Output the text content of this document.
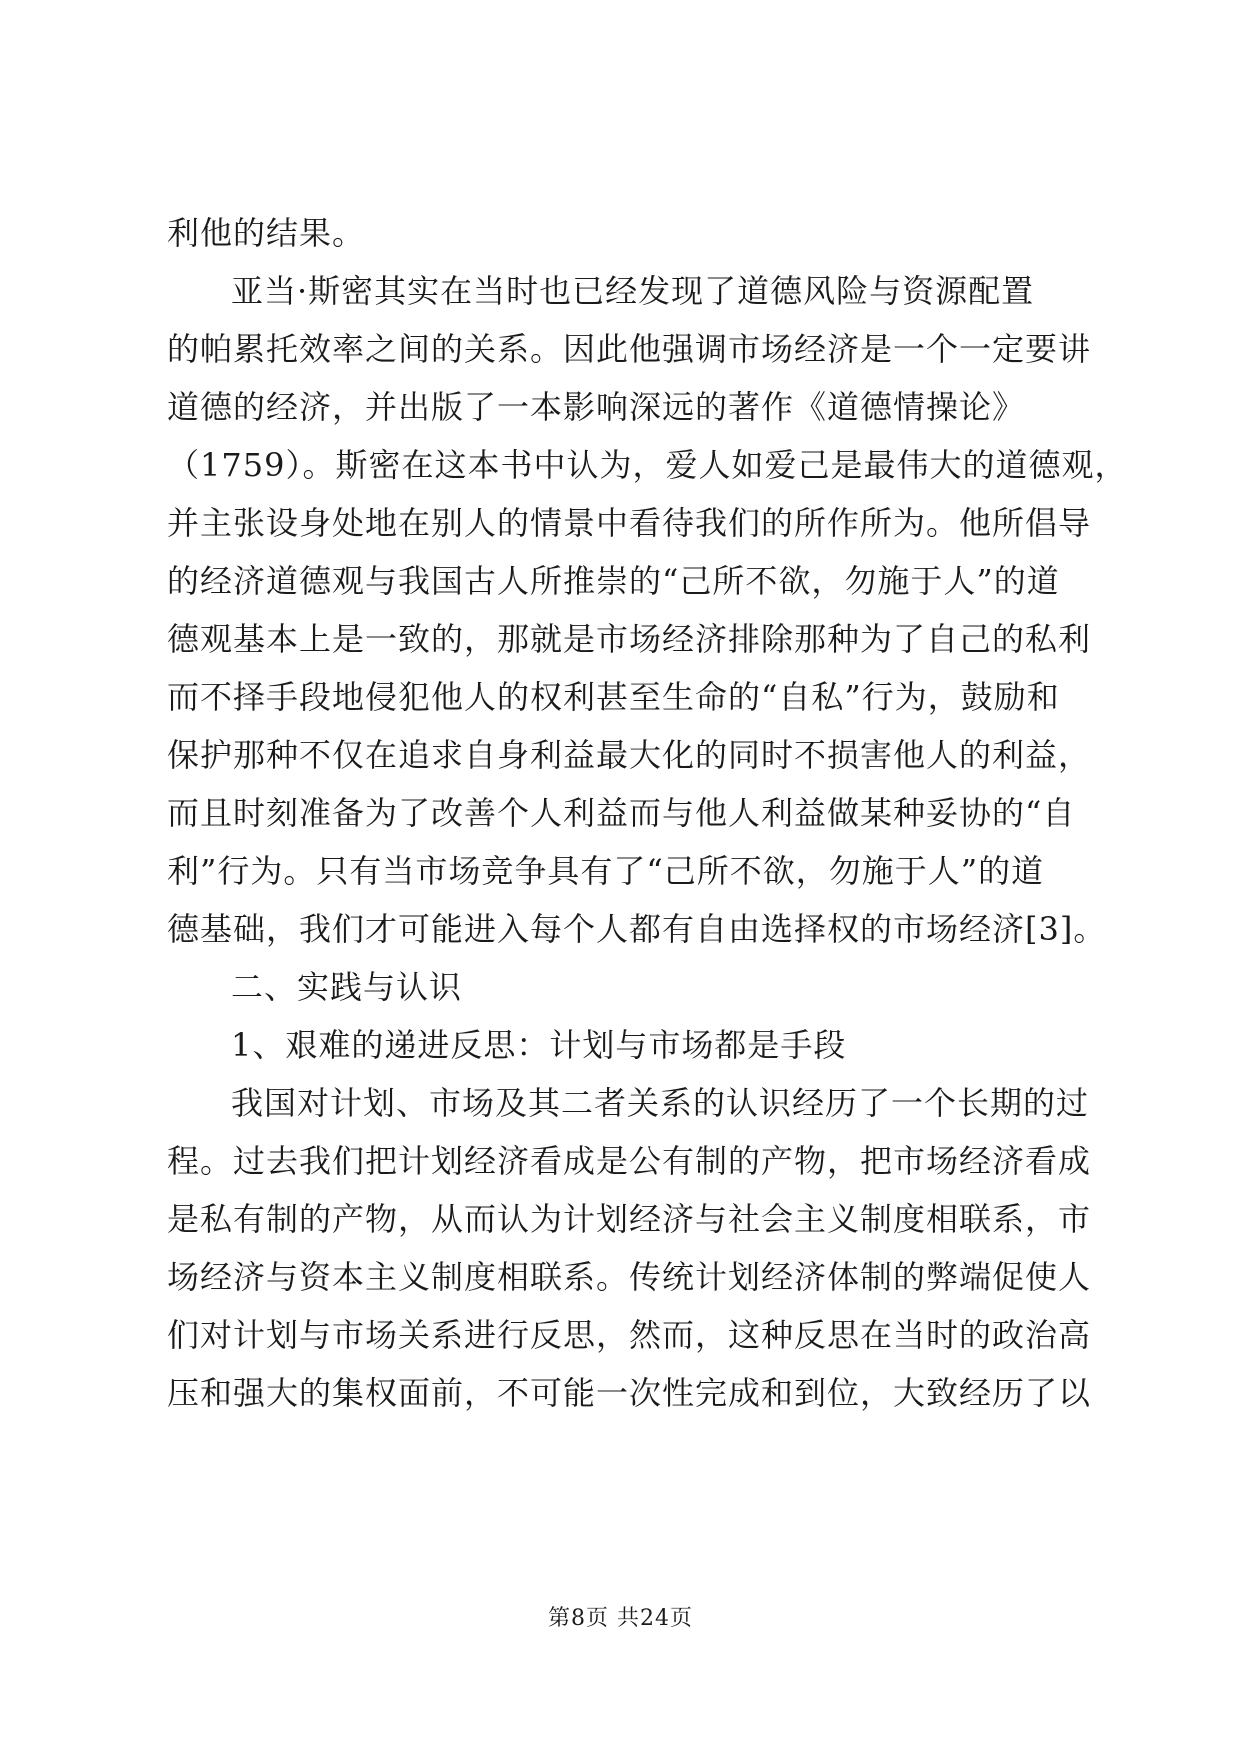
利他的结果。
亚当·斯密其实在当时也已经发现了道德风险与资源配置
的帕累托效率之间的关系。因此他强调市场经济是一个一定要讲
道德的经济，并出版了一本影响深远的著作《道德情操论》
（1759）。斯密在这本书中认为，爱人如爱己是最伟大的道德观，
并主张设身处地在别人的情景中看待我们的所作所为。他所倡导
的经济道德观与我国古人所推崇的“己所不欲，勿施于人”的道
德观基本上是一致的，那就是市场经济排除那种为了自己的私利
而不择手段地侵犯他人的权利甚至生命的“自私”行为，鼓励和
保护那种不仅在追求自身利益最大化的同时不损害他人的利益，
而且时刻准备为了改善个人利益而与他人利益做某种妥协的“自
利”行为。只有当市场竞争具有了“己所不欲，勿施于人”的道
德基础，我们才可能进入每个人都有自由选择权的市场经济[3]。
二、实践与认识
1、艰难的递进反思：计划与市场都是手段
我国对计划、市场及其二者关系的认识经历了一个长期的过
程。过去我们把计划经济看成是公有制的产物，把市场经济看成
是私有制的产物，从而认为计划经济与社会主义制度相联系，市
场经济与资本主义制度相联系。传统计划经济体制的弊端促使人
们对计划与市场关系进行反思，然而，这种反思在当时的政治高
压和强大的集权面前，不可能一次性完成和到位，大致经历了以
第8页 共24页
